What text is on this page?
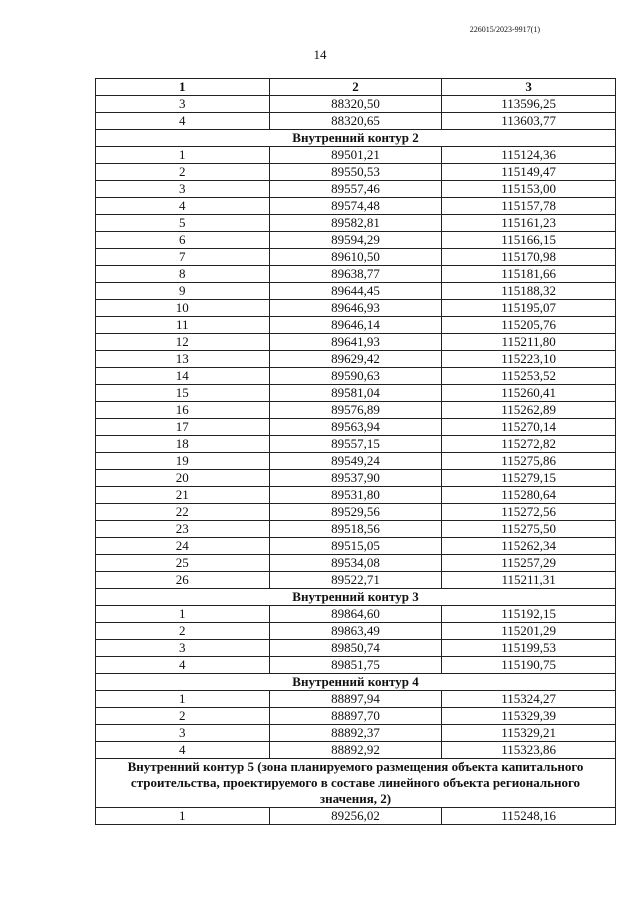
226015/2023-9917(1)
14
1	2	3
3	88320,50	113596,25
4	88320,65	113603,77
Внутренний контур 2		
1	89501,21	115124,36
2	89550,53	115149,47
3	89557,46	115153,00
4	89574,48	115157,78
5	89582,81	115161,23
6	89594,29	115166,15
7	89610,50	115170,98
8	89638,77	115181,66
9	89644,45	115188,32
10	89646,93	115195,07
11	89646,14	115205,76
12	89641,93	115211,80
13	89629,42	115223,10
14	89590,63	115253,52
15	89581,04	115260,41
16	89576,89	115262,89
17	89563,94	115270,14
18	89557,15	115272,82
19	89549,24	115275,86
20	89537,90	115279,15
21	89531,80	115280,64
22	89529,56	115272,56
23	89518,56	115275,50
24	89515,05	115262,34
25	89534,08	115257,29
26	89522,71	115211,31
Внутренний контур 3		
1	89864,60	115192,15
2	89863,49	115201,29
3	89850,74	115199,53
4	89851,75	115190,75
Внутренний контур 4		
1	88897,94	115324,27
2	88897,70	115329,39
3	88892,37	115329,21
4	88892,92	115323,86
Внутренний контур 5 (зона планируемого размещения объекта капитального строительства, проектируемого в составе линейного объекта регионального значения, 2)		
1	89256,02	115248,16
